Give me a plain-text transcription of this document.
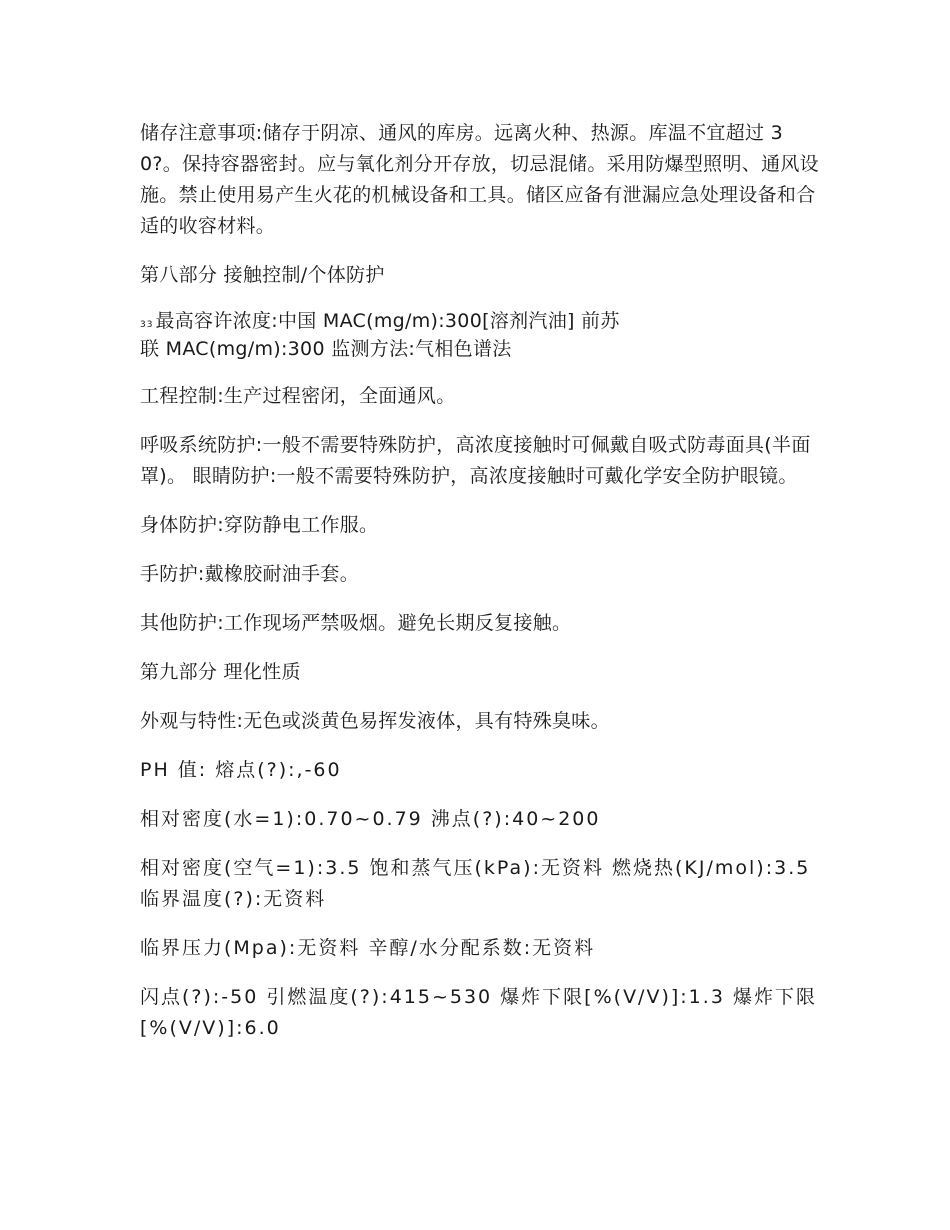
储存注意事项:储存于阴凉、通风的库房。远离火种、热源。库温不宜超过 30?。保持容器密封。应与氧化剂分开存放，切忌混储。采用防爆型照明、通风设施。禁止使用易产生火花的机械设备和工具。储区应备有泄漏应急处理设备和合适的收容材料。

第八部分 接触控制/个体防护

33 最高容许浓度:中国 MAC(mg/m):300[溶剂汽油] 前苏
联 MAC(mg/m):300 监测方法:气相色谱法

工程控制:生产过程密闭，全面通风。

呼吸系统防护:一般不需要特殊防护，高浓度接触时可佩戴自吸式防毒面具(半面罩)。 眼睛防护:一般不需要特殊防护，高浓度接触时可戴化学安全防护眼镜。

身体防护:穿防静电工作服。

手防护:戴橡胶耐油手套。

其他防护:工作现场严禁吸烟。避免长期反复接触。

第九部分 理化性质

外观与特性:无色或淡黄色易挥发液体，具有特殊臭味。

PH 值: 熔点(?):,-60

相对密度(水=1):0.70~0.79 沸点(?):40~200

相对密度(空气=1):3.5 饱和蒸气压(kPa):无资料 燃烧热(KJ/mol):3.5 临界温度(?):无资料

临界压力(Mpa):无资料 辛醇/水分配系数:无资料

闪点(?):-50 引燃温度(?):415~530 爆炸下限[%(V/V)]:1.3 爆炸下限[%(V/V)]:6.0
